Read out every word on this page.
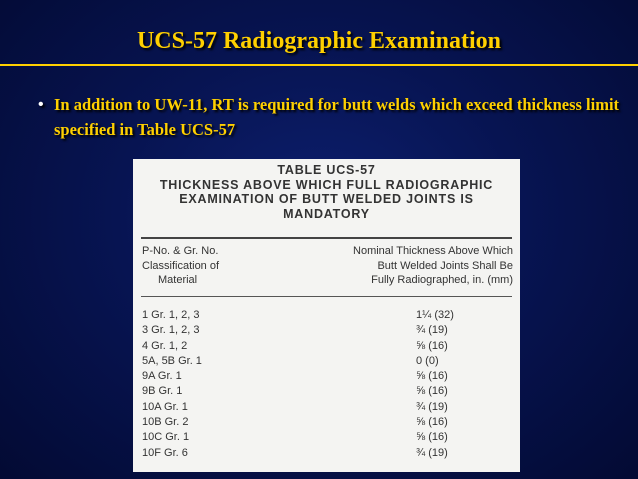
UCS-57 Radiographic Examination
• In addition to UW-11, RT is required for butt welds which exceed thickness limit specified in Table UCS-57
TABLE UCS-57
THICKNESS ABOVE WHICH FULL RADIOGRAPHIC
EXAMINATION OF BUTT WELDED JOINTS IS
MANDATORY
P-No. & Gr. No.
Classification of
Material
Nominal Thickness Above Which
Butt Welded Joints Shall Be
Fully Radiographed, in. (mm)
1 Gr. 1, 2, 3	1¼ (32)
3 Gr. 1, 2, 3	¾ (19)
4 Gr. 1, 2	⅝ (16)
5A, 5B Gr. 1	0 (0)
9A Gr. 1	⅝ (16)
9B Gr. 1	⅝ (16)
10A Gr. 1	¾ (19)
10B Gr. 2	⅝ (16)
10C Gr. 1	⅝ (16)
10F Gr. 6	¾ (19)
